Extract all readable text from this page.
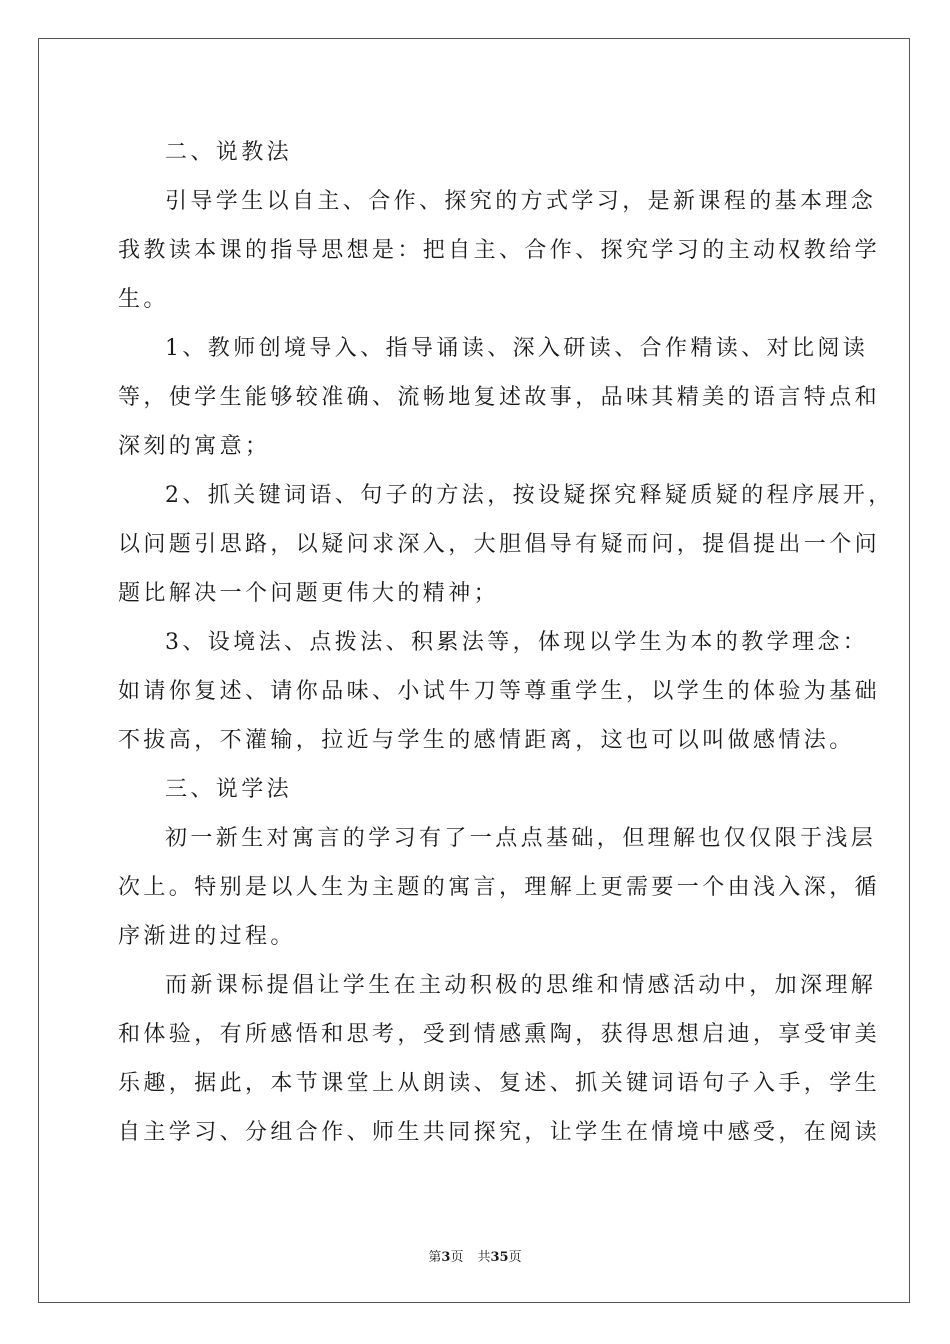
二、说教法
引导学生以自主、合作、探究的方式学习，是新课程的基本理念
我教读本课的指导思想是：把自主、合作、探究学习的主动权教给学
生。
1、教师创境导入、指导诵读、深入研读、合作精读、对比阅读
等，使学生能够较准确、流畅地复述故事，品味其精美的语言特点和
深刻的寓意；
2、抓关键词语、句子的方法，按设疑探究释疑质疑的程序展开，
以问题引思路，以疑问求深入，大胆倡导有疑而问，提倡提出一个问
题比解决一个问题更伟大的精神；
3、设境法、点拨法、积累法等，体现以学生为本的教学理念：
如请你复述、请你品味、小试牛刀等尊重学生，以学生的体验为基础
不拔高，不灌输，拉近与学生的感情距离，这也可以叫做感情法。
三、说学法
初一新生对寓言的学习有了一点点基础，但理解也仅仅限于浅层
次上。特别是以人生为主题的寓言，理解上更需要一个由浅入深，循
序渐进的过程。
而新课标提倡让学生在主动积极的思维和情感活动中，加深理解
和体验，有所感悟和思考，受到情感熏陶，获得思想启迪，享受审美
乐趣，据此，本节课堂上从朗读、复述、抓关键词语句子入手，学生
自主学习、分组合作、师生共同探究，让学生在情境中感受，在阅读
第3页 共35页
